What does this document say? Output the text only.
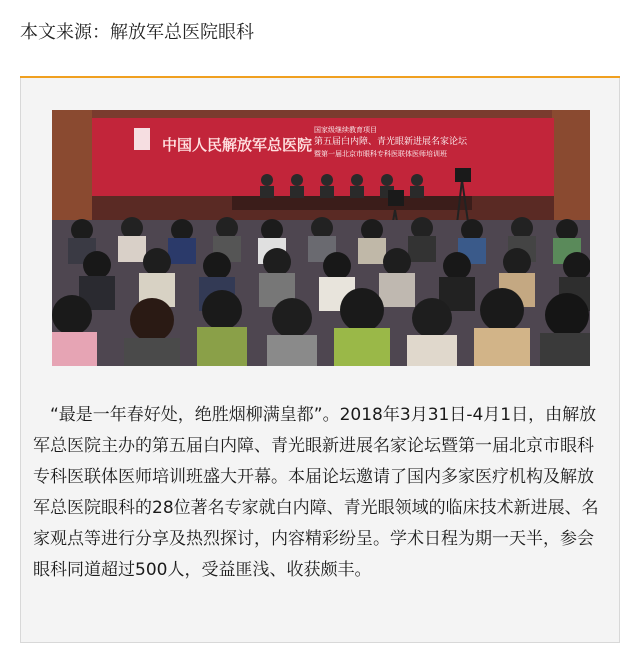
本文来源：解放军总医院眼科
中国人民解放军总医院
国家级继续教育项目
第五届白内障、青光眼新进展名家论坛
暨第一届北京市眼科专科医联体医师培训班
“最是一年春好处，绝胜烟柳满皇都”。2018年3月31日-4月1日，由解放军总医院主办的第五届白内障、青光眼新进展名家论坛暨第一届北京市眼科专科医联体医师培训班盛大开幕。本届论坛邀请了国内多家医疗机构及解放军总医院眼科的28位著名专家就白内障、青光眼领域的临床技术新进展、名家观点等进行分享及热烈探讨，内容精彩纷呈。学术日程为期一天半，参会眼科同道超过500人，受益匪浅、收获颇丰。
